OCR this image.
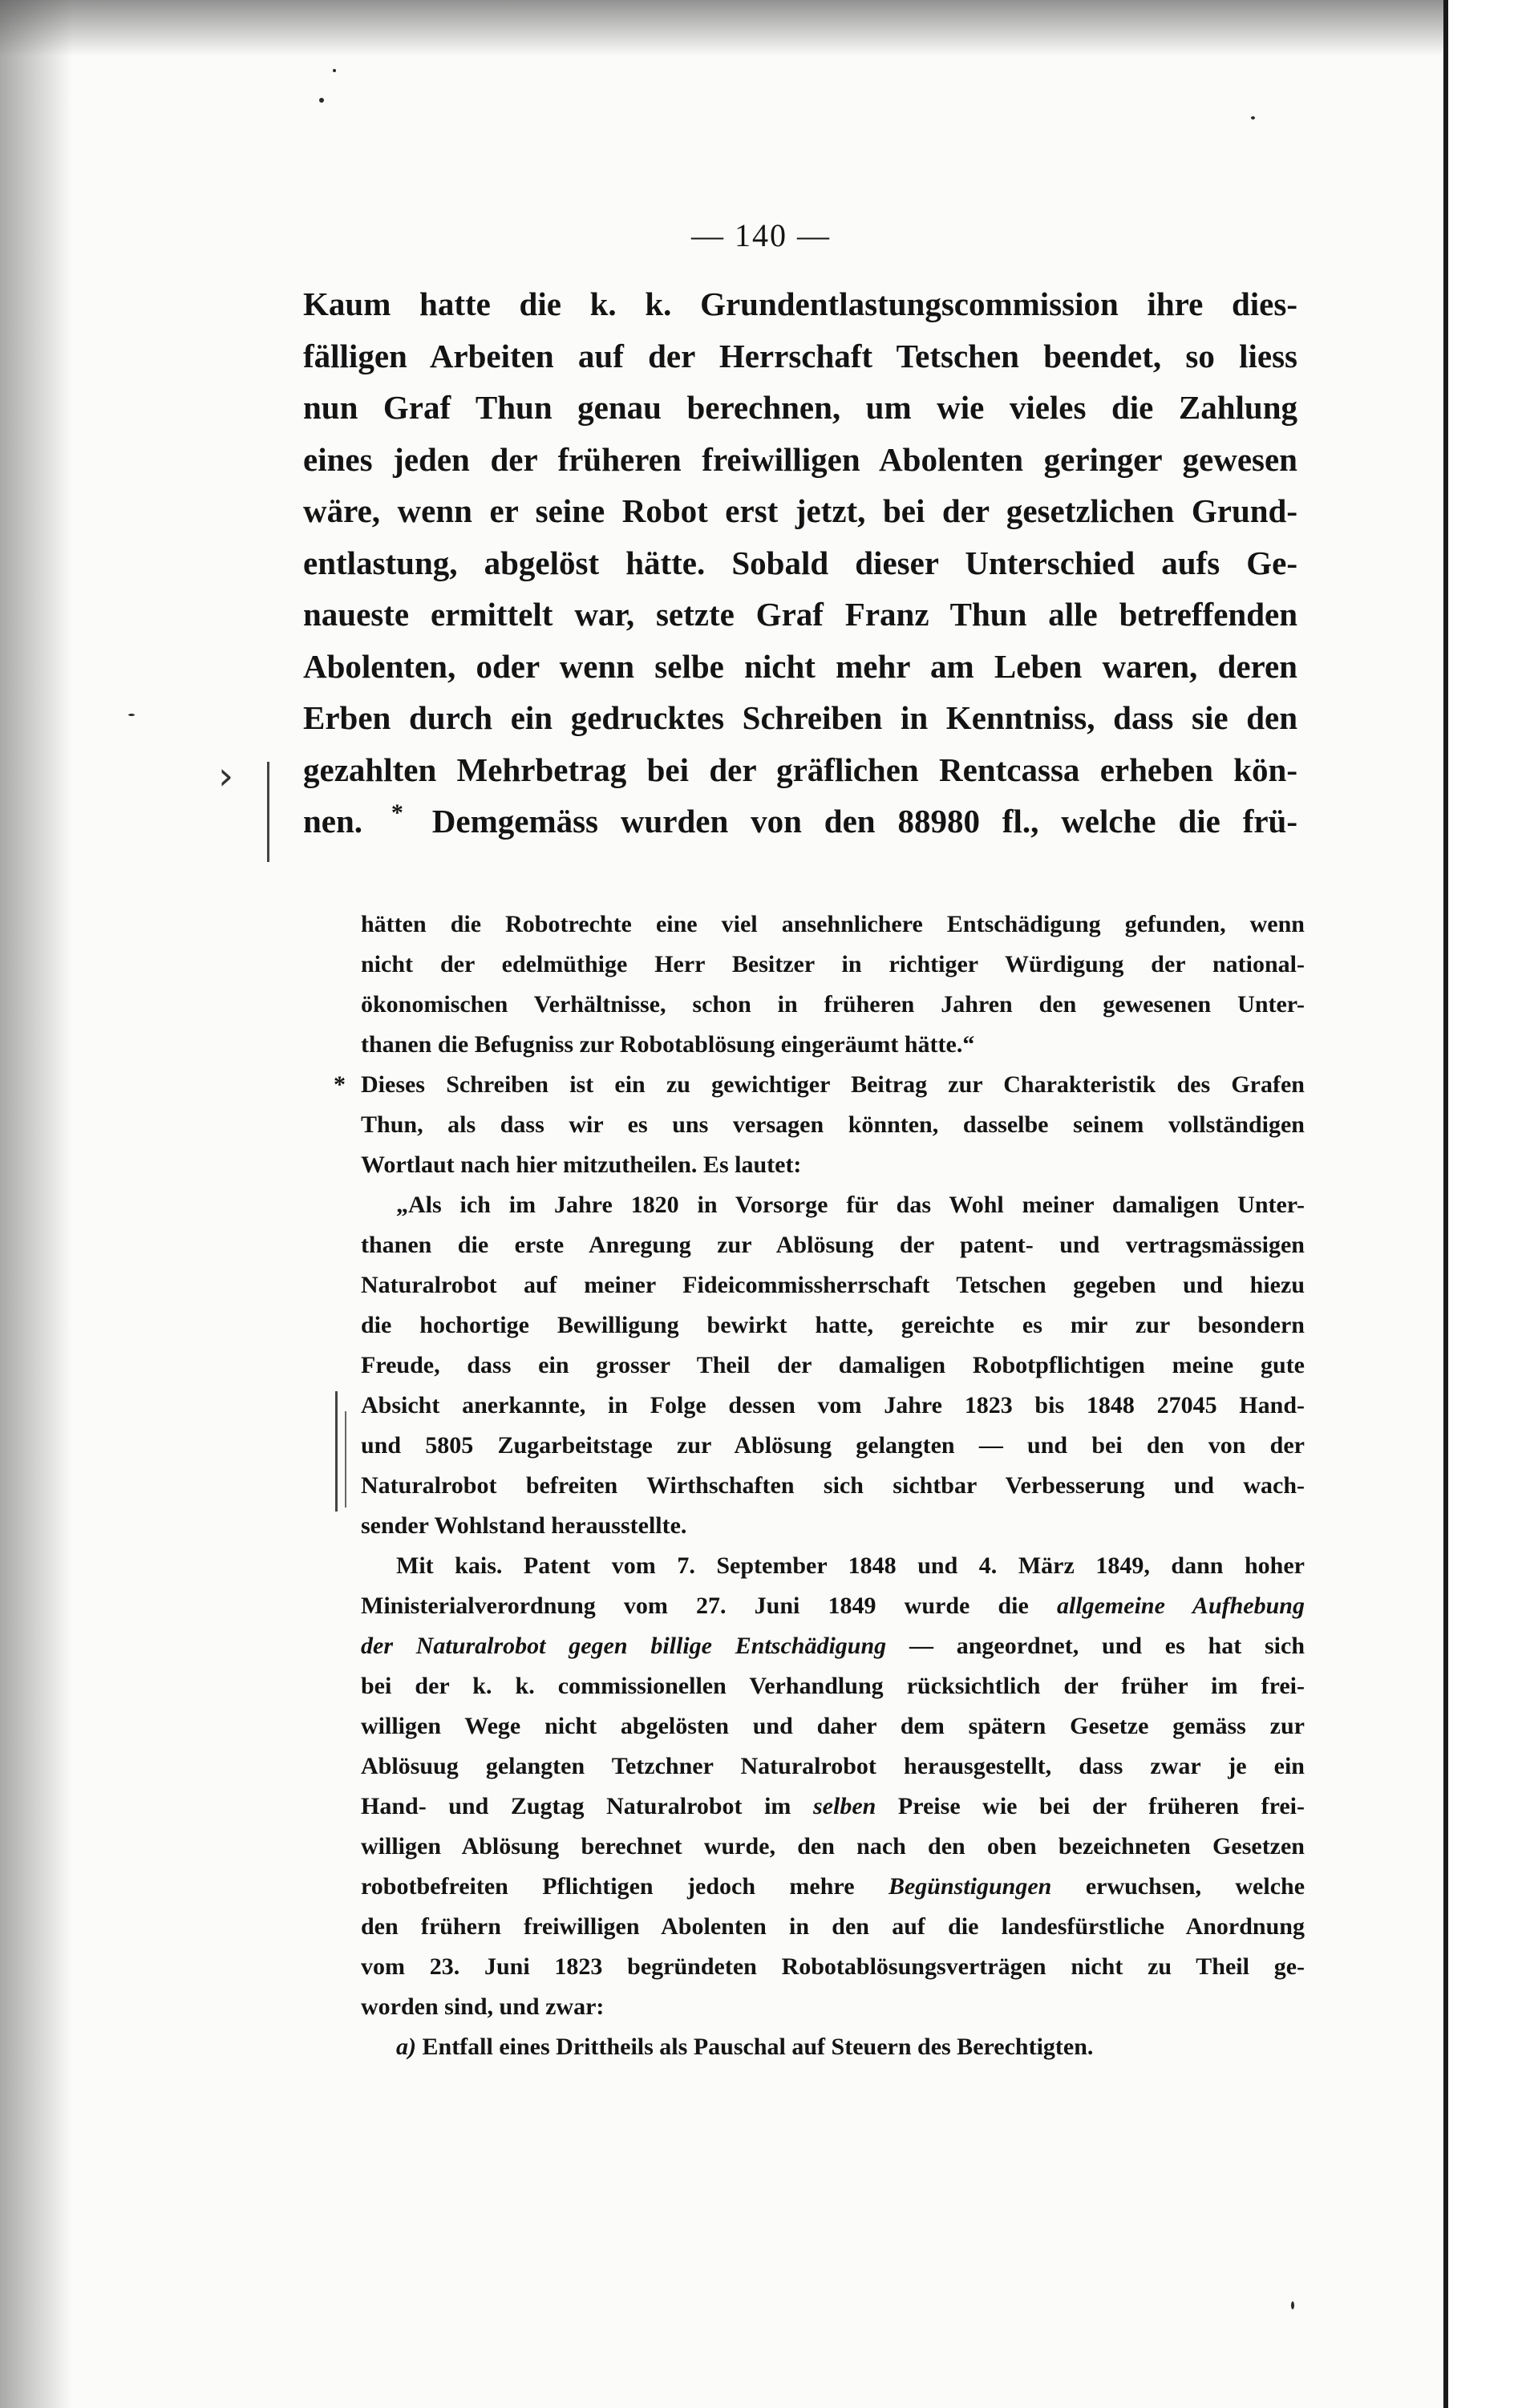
— 140 —
›
Kaum hatte die k. k. Grundentlastungscommission ihre dies-
fälligen Arbeiten auf der Herrschaft Tetschen beendet, so liess
nun Graf Thun genau berechnen, um wie vieles die Zahlung
eines jeden der früheren freiwilligen Abolenten geringer gewesen
wäre, wenn er seine Robot erst jetzt, bei der gesetzlichen Grund-
entlastung, abgelöst hätte. Sobald dieser Unterschied aufs Ge-
naueste ermittelt war, setzte Graf Franz Thun alle betreffenden
Abolenten, oder wenn selbe nicht mehr am Leben waren, deren
Erben durch ein gedrucktes Schreiben in Kenntniss, dass sie den
gezahlten Mehrbetrag bei der gräflichen Rentcassa erheben kön-
nen. * Demgemäss wurden von den 88980 fl., welche die frü-
hätten die Robotrechte eine viel ansehnlichere Entschädigung gefunden, wenn
nicht der edelmüthige Herr Besitzer in richtiger Würdigung der national-
ökonomischen Verhältnisse, schon in früheren Jahren den gewesenen Unter-
thanen die Befugniss zur Robotablösung eingeräumt hätte.“
* Dieses Schreiben ist ein zu gewichtiger Beitrag zur Charakteristik des Grafen
Thun, als dass wir es uns versagen könnten, dasselbe seinem vollständigen
Wortlaut nach hier mitzutheilen. Es lautet:
„Als ich im Jahre 1820 in Vorsorge für das Wohl meiner damaligen Unter-
thanen die erste Anregung zur Ablösung der patent- und vertragsmässigen
Naturalrobot auf meiner Fideicommissherrschaft Tetschen gegeben und hiezu
die hochortige Bewilligung bewirkt hatte, gereichte es mir zur besondern
Freude, dass ein grosser Theil der damaligen Robotpflichtigen meine gute
Absicht anerkannte, in Folge dessen vom Jahre 1823 bis 1848 27045 Hand-
und 5805 Zugarbeitstage zur Ablösung gelangten — und bei den von der
Naturalrobot befreiten Wirthschaften sich sichtbar Verbesserung und wach-
sender Wohlstand herausstellte.
Mit kais. Patent vom 7. September 1848 und 4. März 1849, dann hoher
Ministerialverordnung vom 27. Juni 1849 wurde die allgemeine Aufhebung
der Naturalrobot gegen billige Entschädigung — angeordnet, und es hat sich
bei der k. k. commissionellen Verhandlung rücksichtlich der früher im frei-
willigen Wege nicht abgelösten und daher dem spätern Gesetze gemäss zur
Ablösuug gelangten Tetzchner Naturalrobot herausgestellt, dass zwar je ein
Hand- und Zugtag Naturalrobot im selben Preise wie bei der früheren frei-
willigen Ablösung berechnet wurde, den nach den oben bezeichneten Gesetzen
robotbefreiten Pflichtigen jedoch mehre Begünstigungen erwuchsen, welche
den frühern freiwilligen Abolenten in den auf die landesfürstliche Anordnung
vom 23. Juni 1823 begründeten Robotablösungsverträgen nicht zu Theil ge-
worden sind, und zwar:
a) Entfall eines Drittheils als Pauschal auf Steuern des Berechtigten.
